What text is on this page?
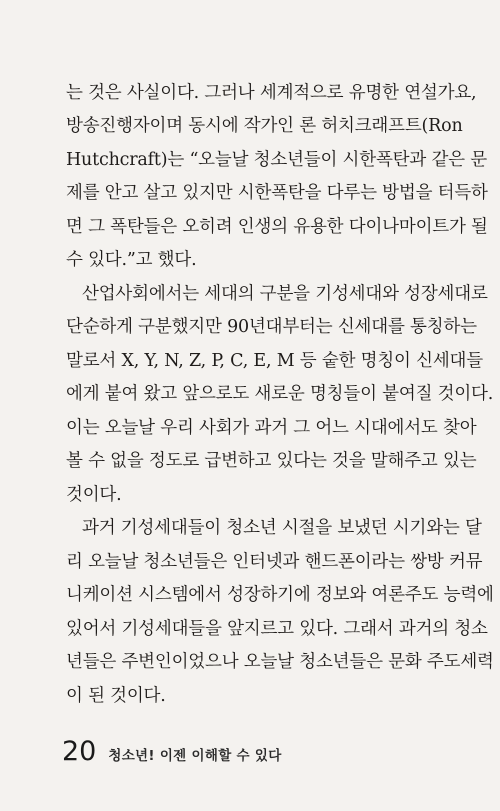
는 것은 사실이다. 그러나 세계적으로 유명한 연설가요,
방송진행자이며 동시에 작가인 론 허치크래프트(Ron
Hutchcraft)는 “오늘날 청소년들이 시한폭탄과 같은 문
제를 안고 살고 있지만 시한폭탄을 다루는 방법을 터득하
면 그 폭탄들은 오히려 인생의 유용한 다이나마이트가 될
수 있다.”고 했다.
산업사회에서는 세대의 구분을 기성세대와 성장세대로
단순하게 구분했지만 90년대부터는 신세대를 통칭하는
말로서 X, Y, N, Z, P, C, E, M 등 숱한 명칭이 신세대들
에게 붙여 왔고 앞으로도 새로운 명칭들이 붙여질 것이다.
이는 오늘날 우리 사회가 과거 그 어느 시대에서도 찾아
볼 수 없을 정도로 급변하고 있다는 것을 말해주고 있는
것이다.
과거 기성세대들이 청소년 시절을 보냈던 시기와는 달
리 오늘날 청소년들은 인터넷과 핸드폰이라는 쌍방 커뮤
니케이션 시스템에서 성장하기에 정보와 여론주도 능력에
있어서 기성세대들을 앞지르고 있다. 그래서 과거의 청소
년들은 주변인이었으나 오늘날 청소년들은 문화 주도세력
이 된 것이다.
20 청소년! 이젠 이해할 수 있다
